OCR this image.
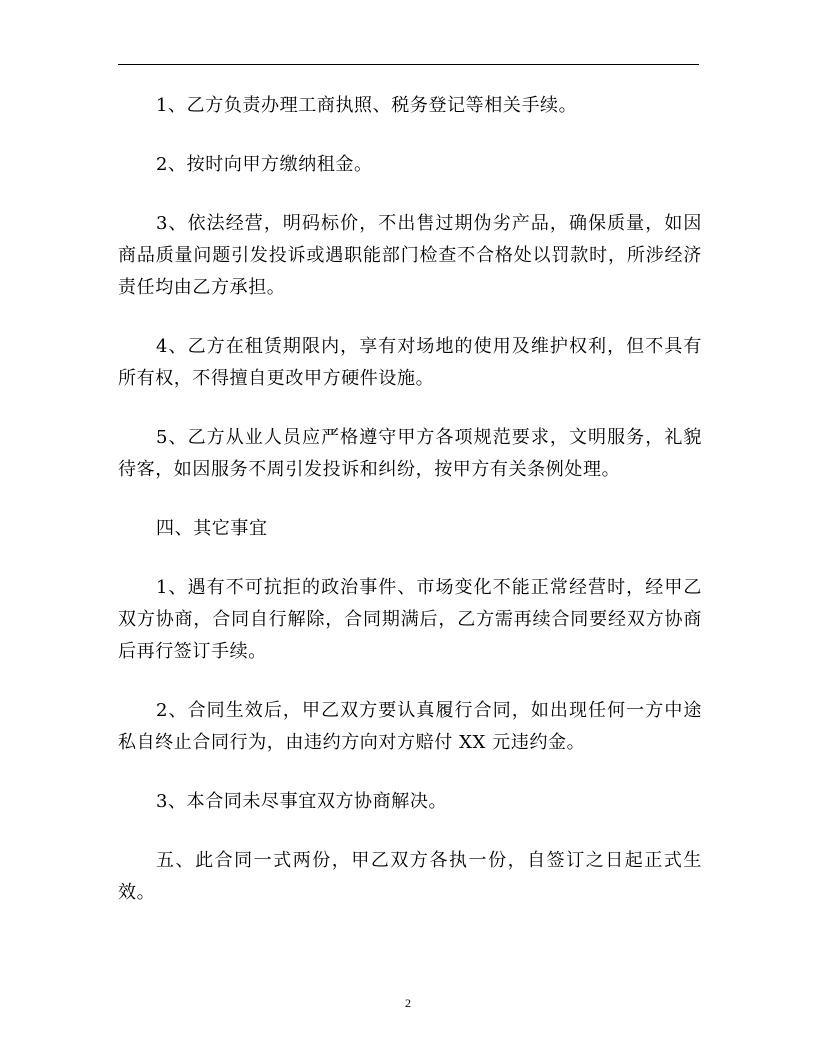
1、乙方负责办理工商执照、税务登记等相关手续。

2、按时向甲方缴纳租金。

3、依法经营，明码标价，不出售过期伪劣产品，确保质量，如因商品质量问题引发投诉或遇职能部门检查不合格处以罚款时，所涉经济责任均由乙方承担。

4、乙方在租赁期限内，享有对场地的使用及维护权利，但不具有所有权，不得擅自更改甲方硬件设施。

5、乙方从业人员应严格遵守甲方各项规范要求，文明服务，礼貌待客，如因服务不周引发投诉和纠纷，按甲方有关条例处理。

四、其它事宜

1、遇有不可抗拒的政治事件、市场变化不能正常经营时，经甲乙双方协商，合同自行解除，合同期满后，乙方需再续合同要经双方协商后再行签订手续。

2、合同生效后，甲乙双方要认真履行合同，如出现任何一方中途私自终止合同行为，由违约方向对方赔付 XX 元违约金。

3、本合同未尽事宜双方协商解决。

五、此合同一式两份，甲乙双方各执一份，自签订之日起正式生效。

2
